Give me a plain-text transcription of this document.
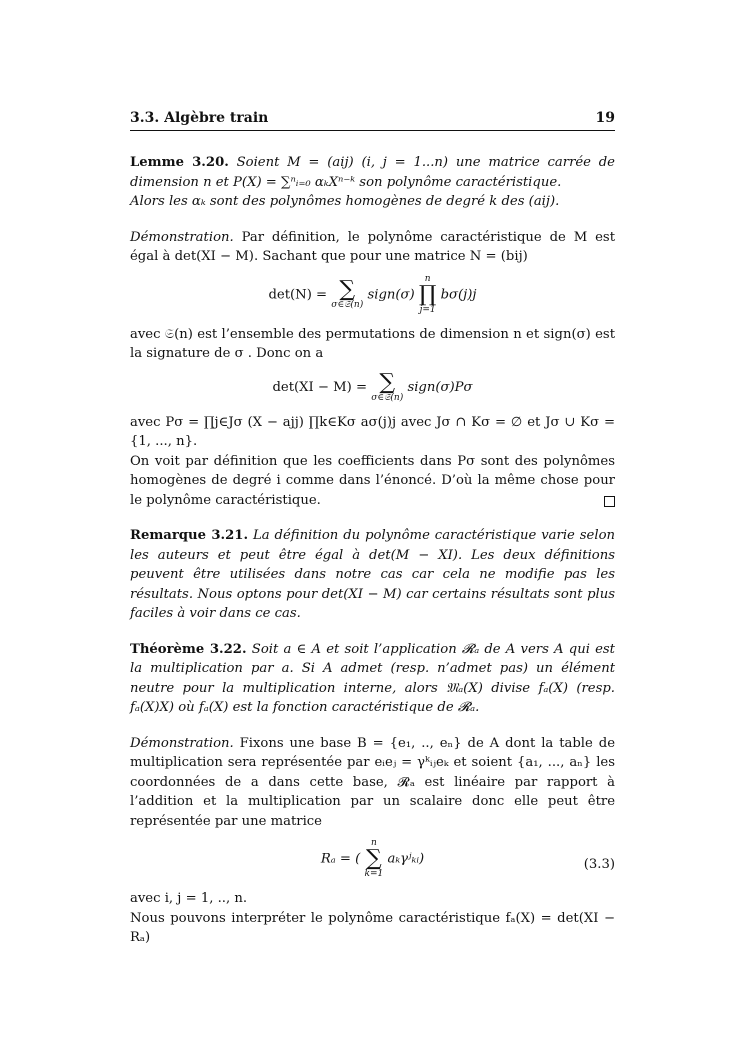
3.3. Algèbre train	19

Lemme 3.20. Soient M = (aij) (i, j = 1...n) une matrice carrée de dimension n et P(X) = ∑ⁿᵢ₌₀ αₖXⁿ⁻ᵏ son polynôme caractéristique.
Alors les αₖ sont des polynômes homogènes de degré k des (aij).

Démonstration. Par définition, le polynôme caractéristique de M est égal à det(XI − M). Sachant que pour une matrice N = (bij)

det(N) = ∑
σ∈𝔖(n)
sign(σ)
n
∏
j=1
bσ(j)j

avec 𝔖(n) est l’ensemble des permutations de dimension n et sign(σ) est la signature de σ . Donc on a

det(XI − M) = ∑
σ∈𝔖(n)
sign(σ)Pσ

avec Pσ = ∏j∈Jσ (X − ajj) ∏k∈Kσ aσ(j)j avec Jσ ∩ Kσ = ∅ et Jσ ∪ Kσ = {1, ..., n}.

On voit par définition que les coefficients dans Pσ sont des polynômes homogènes de degré i comme dans l’énoncé. D’où la même chose pour le polynôme caractéristique.

Remarque 3.21. La définition du polynôme caractéristique varie selon les auteurs et peut être égal à det(M − XI). Les deux définitions peuvent être utilisées dans notre cas car cela ne modifie pas les résultats. Nous optons pour det(XI − M) car certains résultats sont plus faciles à voir dans ce cas.

Théorème 3.22. Soit a ∈ A et soit l’application 𝓡ₐ de A vers A qui est la multiplication par a. Si A admet (resp. n’admet pas) un élément neutre pour la multiplication interne, alors 𝔐ₐ(X) divise fₐ(X) (resp. fₐ(X)X) où fₐ(X) est la fonction caractéristique de 𝓡ₐ.

Démonstration. Fixons une base B = {e₁, .., eₙ} de A dont la table de multiplication sera représentée par eᵢeⱼ = γᵏᵢⱼeₖ et soient {a₁, ..., aₙ} les coordonnées de a dans cette base, 𝓡ₐ est linéaire par rapport à l’addition et la multiplication par un scalaire donc elle peut être représentée par une matrice

Rₐ = (
n
∑
k=1
aₖγʲₖᵢ)	(3.3)

avec i, j = 1, .., n.

Nous pouvons interpréter le polynôme caractéristique fₐ(X) = det(XI − Rₐ)
